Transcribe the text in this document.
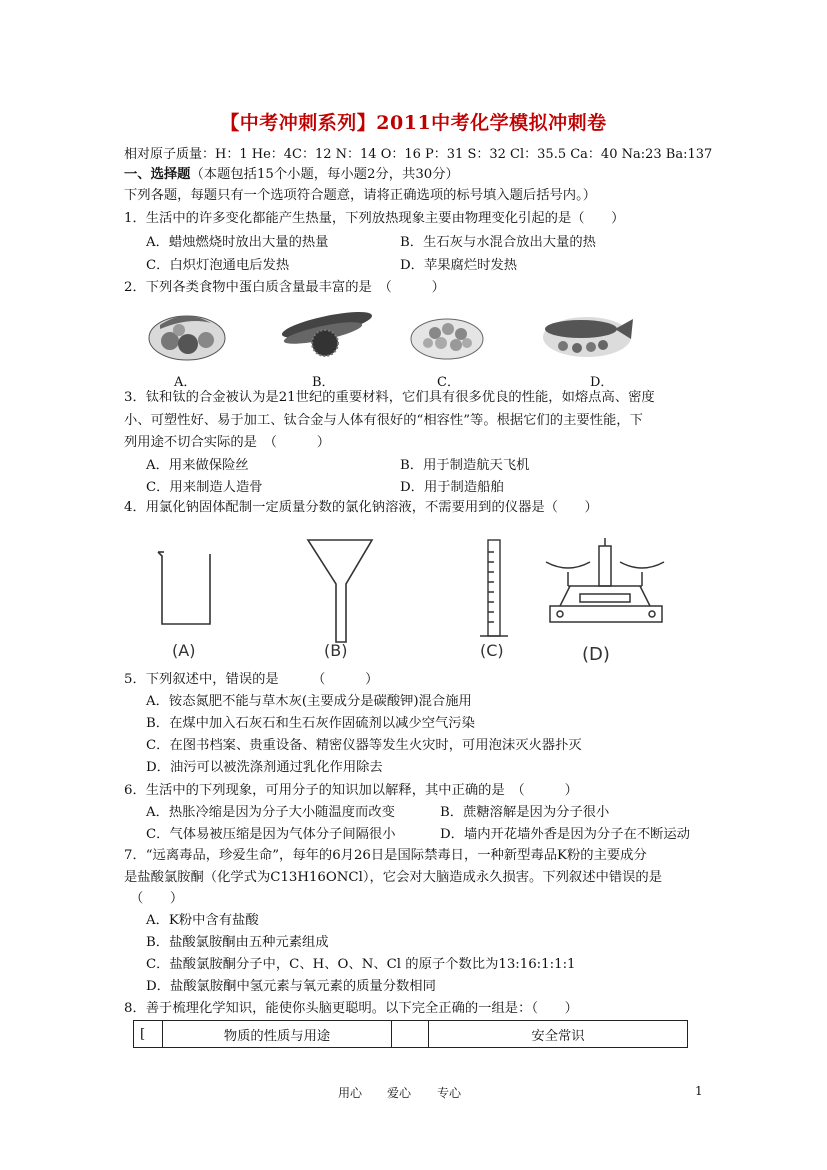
【中考冲刺系列】2011中考化学模拟冲刺卷
相对原子质量：H：1 He：4C：12 N：14 O：16 P：31 S：32 Cl：35.5 Ca：40 Na:23 Ba:137
一、选择题（本题包括15个小题，每小题2分，共30分）
下列各题，每题只有一个选项符合题意，请将正确选项的标号填入题后括号内。）
1．生活中的许多变化都能产生热量，下列放热现象主要由物理变化引起的是（　　）
A．蜡烛燃烧时放出大量的热量	B．生石灰与水混合放出大量的热
C．白炽灯泡通电后发热	D．苹果腐烂时发热
2．下列各类食物中蛋白质含量最丰富的是　（　　　）
A．	B．	C．	D．
3．钛和钛的合金被认为是21世纪的重要材料，它们具有很多优良的性能，如熔点高、密度
小、可塑性好、易于加工、钛合金与人体有很好的“相容性”等。根据它们的主要性能，下
列用途不切合实际的是　（　　　）
A．用来做保险丝	B．用于制造航天飞机
C．用来制造人造骨	D．用于制造船舶
4．用氯化钠固体配制一定质量分数的氯化钠溶液，不需要用到的仪器是（　　）
(A)	(B)	(C)	(D)
5．下列叙述中，错误的是　　　（　　　）
A．铵态氮肥不能与草木灰(主要成分是碳酸钾)混合施用
B．在煤中加入石灰石和生石灰作固硫剂以减少空气污染
C．在图书档案、贵重设备、精密仪器等发生火灾时，可用泡沫灭火器扑灭
D．油污可以被洗涤剂通过乳化作用除去
6．生活中的下列现象，可用分子的知识加以解释，其中正确的是　（　　　）
A．热胀冷缩是因为分子大小随温度而改变	B．蔗糖溶解是因为分子很小
C．气体易被压缩是因为气体分子间隔很小	D．墙内开花墙外香是因为分子在不断运动
7．“远离毒品，珍爱生命”，每年的6月26日是国际禁毒日，一种新型毒品K粉的主要成分
是盐酸氯胺酮（化学式为C13H16ONCl），它会对大脑造成永久损害。下列叙述中错误的是
（　　）
A．K粉中含有盐酸
B．盐酸氯胺酮由五种元素组成
C．盐酸氯胺酮分子中，C、H、O、N、Cl 的原子个数比为13:16:1:1:1
D．盐酸氯胺酮中氢元素与氧元素的质量分数相同
8．善于梳理化学知识，能使你头脑更聪明。以下完全正确的一组是：（　　）
[	物质的性质与用途		安全常识
用心 爱心 专心	1
